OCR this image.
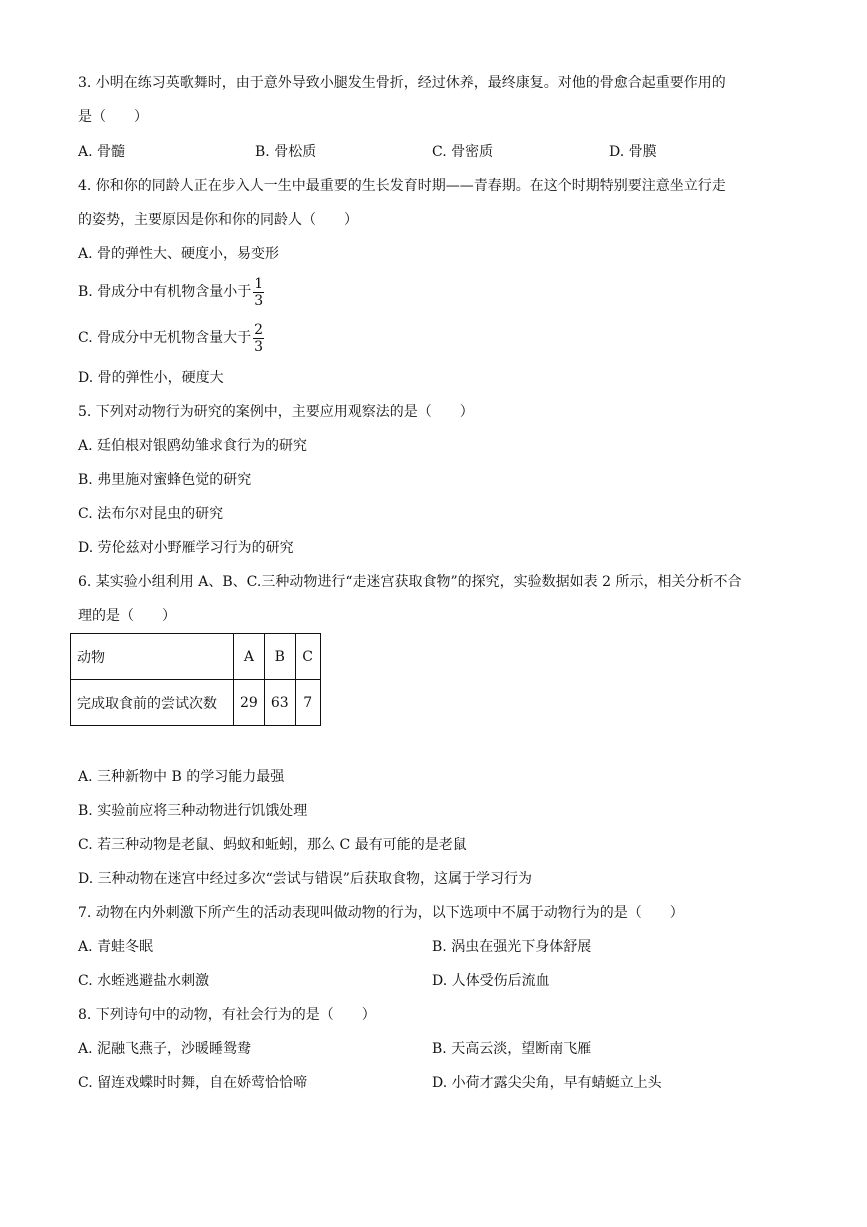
3. 小明在练习英歌舞时，由于意外导致小腿发生骨折，经过休养，最终康复。对他的骨愈合起重要作用的
是（　　）
A. 骨髓	B. 骨松质	C. 骨密质	D. 骨膜
4. 你和你的同龄人正在步入人一生中最重要的生长发育时期——青春期。在这个时期特别要注意坐立行走
的姿势，主要原因是你和你的同龄人（　　）
A. 骨的弹性大、硬度小，易变形
B. 骨成分中有机物含量小于 $\frac{1}{3}$
C. 骨成分中无机物含量大于 $\frac{2}{3}$
D. 骨的弹性小，硬度大
5. 下列对动物行为研究的案例中，主要应用观察法的是（　　）
A. 廷伯根对银鸥幼雏求食行为的研究
B. 弗里施对蜜蜂色觉的研究
C. 法布尔对昆虫的研究
D. 劳伦兹对小野雁学习行为的研究
6. 某实验小组利用 A、B、C.三种动物进行“走迷宫获取食物”的探究，实验数据如表 2 所示，相关分析不合
理的是（　　）
动物	A	B	C
完成取食前的尝试次数	29	63	7
A. 三种新物中 B 的学习能力最强
B. 实验前应将三种动物进行饥饿处理
C. 若三种动物是老鼠、蚂蚁和蚯蚓，那么 C 最有可能的是老鼠
D. 三种动物在迷宫中经过多次“尝试与错误”后获取食物，这属于学习行为
7. 动物在内外刺激下所产生的活动表现叫做动物的行为，以下选项中不属于动物行为的是（　　）
A. 青蛙冬眠	B. 涡虫在强光下身体舒展
C. 水蛭逃避盐水刺激	D. 人体受伤后流血
8. 下列诗句中的动物，有社会行为的是（　　）
A. 泥融飞燕子，沙暖睡鸳鸯	B. 天高云淡，望断南飞雁
C. 留连戏蝶时时舞，自在娇莺恰恰啼	D. 小荷才露尖尖角，早有蜻蜓立上头
